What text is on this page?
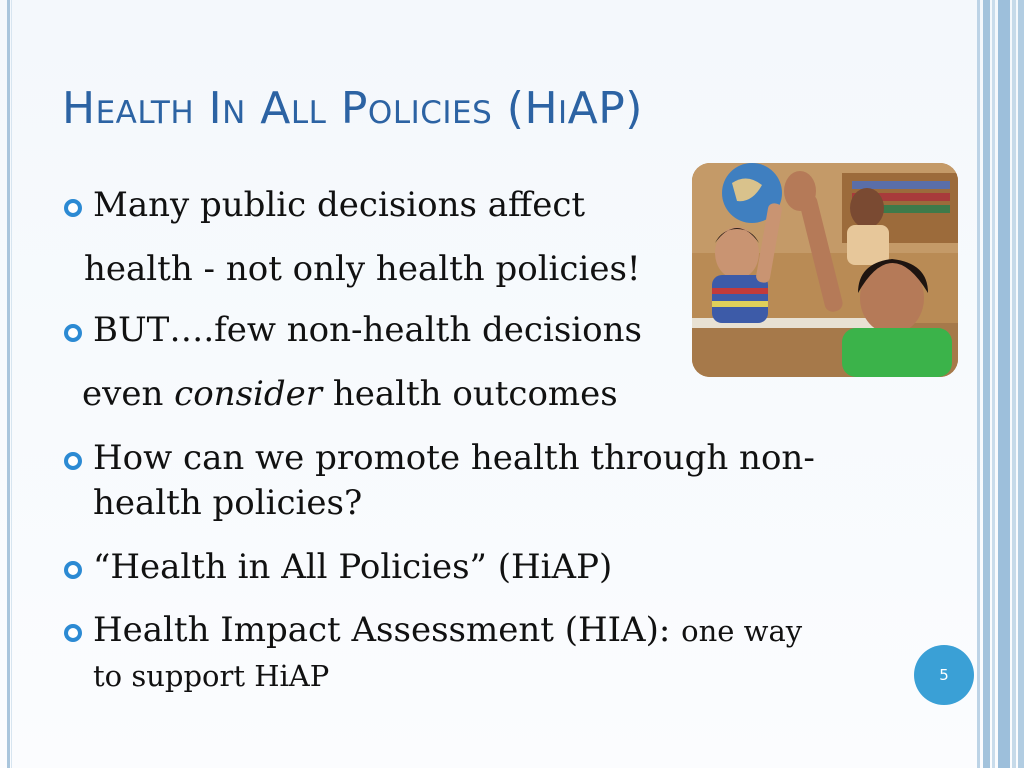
Health In All Policies (HiAP)
Many public decisions affect
health - not only health policies!
BUT….few non-health decisions
even consider health outcomes
How can we promote health through non-
health policies?
“Health in All Policies” (HiAP)
Health Impact Assessment (HIA): one way
to support HiAP	5
